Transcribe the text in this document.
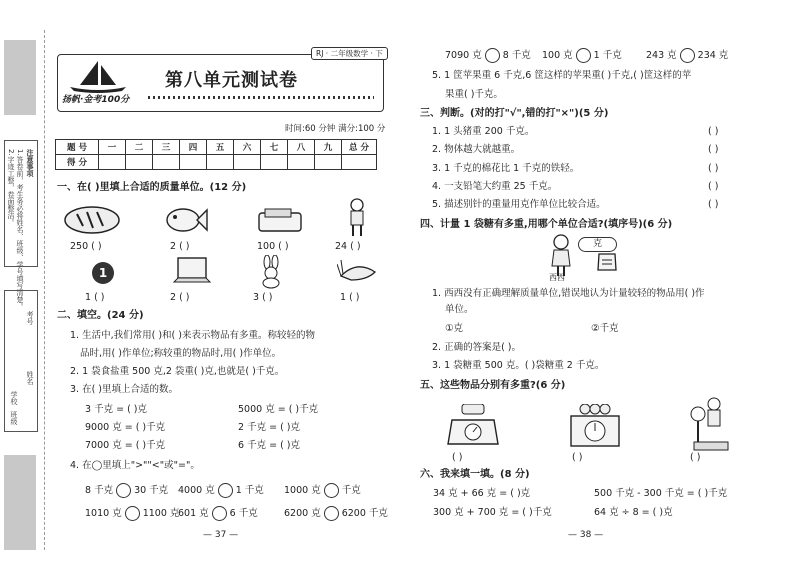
注意事项
1.答卷前，考生务必将姓名、班级、学号填写清楚。
2.字迹工整，卷面整洁。
考号
姓名
学校
班级
RJ · 二年级数学 · 下
第八单元测试卷
扬帆·金考100分
时间:60 分钟 满分:100 分
题 号	一	二	三	四	五	六	七	八	九	总 分
得 分										
一、在( )里填上合适的质量单位。(12 分)
250 ( )	2 ( )	100 ( )	24 ( )
1
1 ( )	2 ( )	3 ( )	1 ( )
二、填空。(24 分)
1. 生活中,我们常用( )和( )来表示物品有多重。称较轻的物
品时,用( )作单位;称较重的物品时,用( )作单位。
2. 1 袋食盐重 500 克,2 袋重( )克,也就是( )千克。
3. 在( )里填上合适的数。
3 千克 = ( )克	5000 克 = ( )千克
9000 克 = ( )千克	2 千克 = ( )克
7000 克 = ( )千克	6 千克 = ( )克
4. 在◯里填上">""<"或"="。
8 千克 30 千克 4000 克 1 千克 1000 克 千克
1010 克 1100 克
601 克 6 千克	6200 克 6200 千克
— 37 —
7090 克 8 千克 100 克 1 千克	243 克 234 克
5. 1 筐苹果重 6 千克,6 筐这样的苹果重( )千克,( )筐这样的苹
果重( )千克。
三、判断。(对的打"√",错的打"×")(5 分)
1. 1 头猪重 200 千克。
2. 物体越大就越重。
3. 1 千克的棉花比 1 千克的铁轻。
4. 一支铅笔大约重 25 千克。
5. 描述别针的重量用克作单位比较合适。
( )
( )
( )
( )
( )
四、计量 1 袋糖有多重,用哪个单位合适?(填序号)(6 分)
克
西西
1. 西西没有正确理解质量单位,错误地认为计量较轻的物品用( )作
单位。
①克	②千克
2. 正确的答案是( )。
3. 1 袋糖重 500 克。( )袋糖重 2 千克。
五、这些物品分别有多重?(6 分)
( )	( )	( )
六、我来填一填。(8 分)
34 克 + 66 克 = ( )克	500 千克 - 300 千克 = ( )千克
300 克 + 700 克 = ( )千克	64 克 ÷ 8 = ( )克
— 38 —
